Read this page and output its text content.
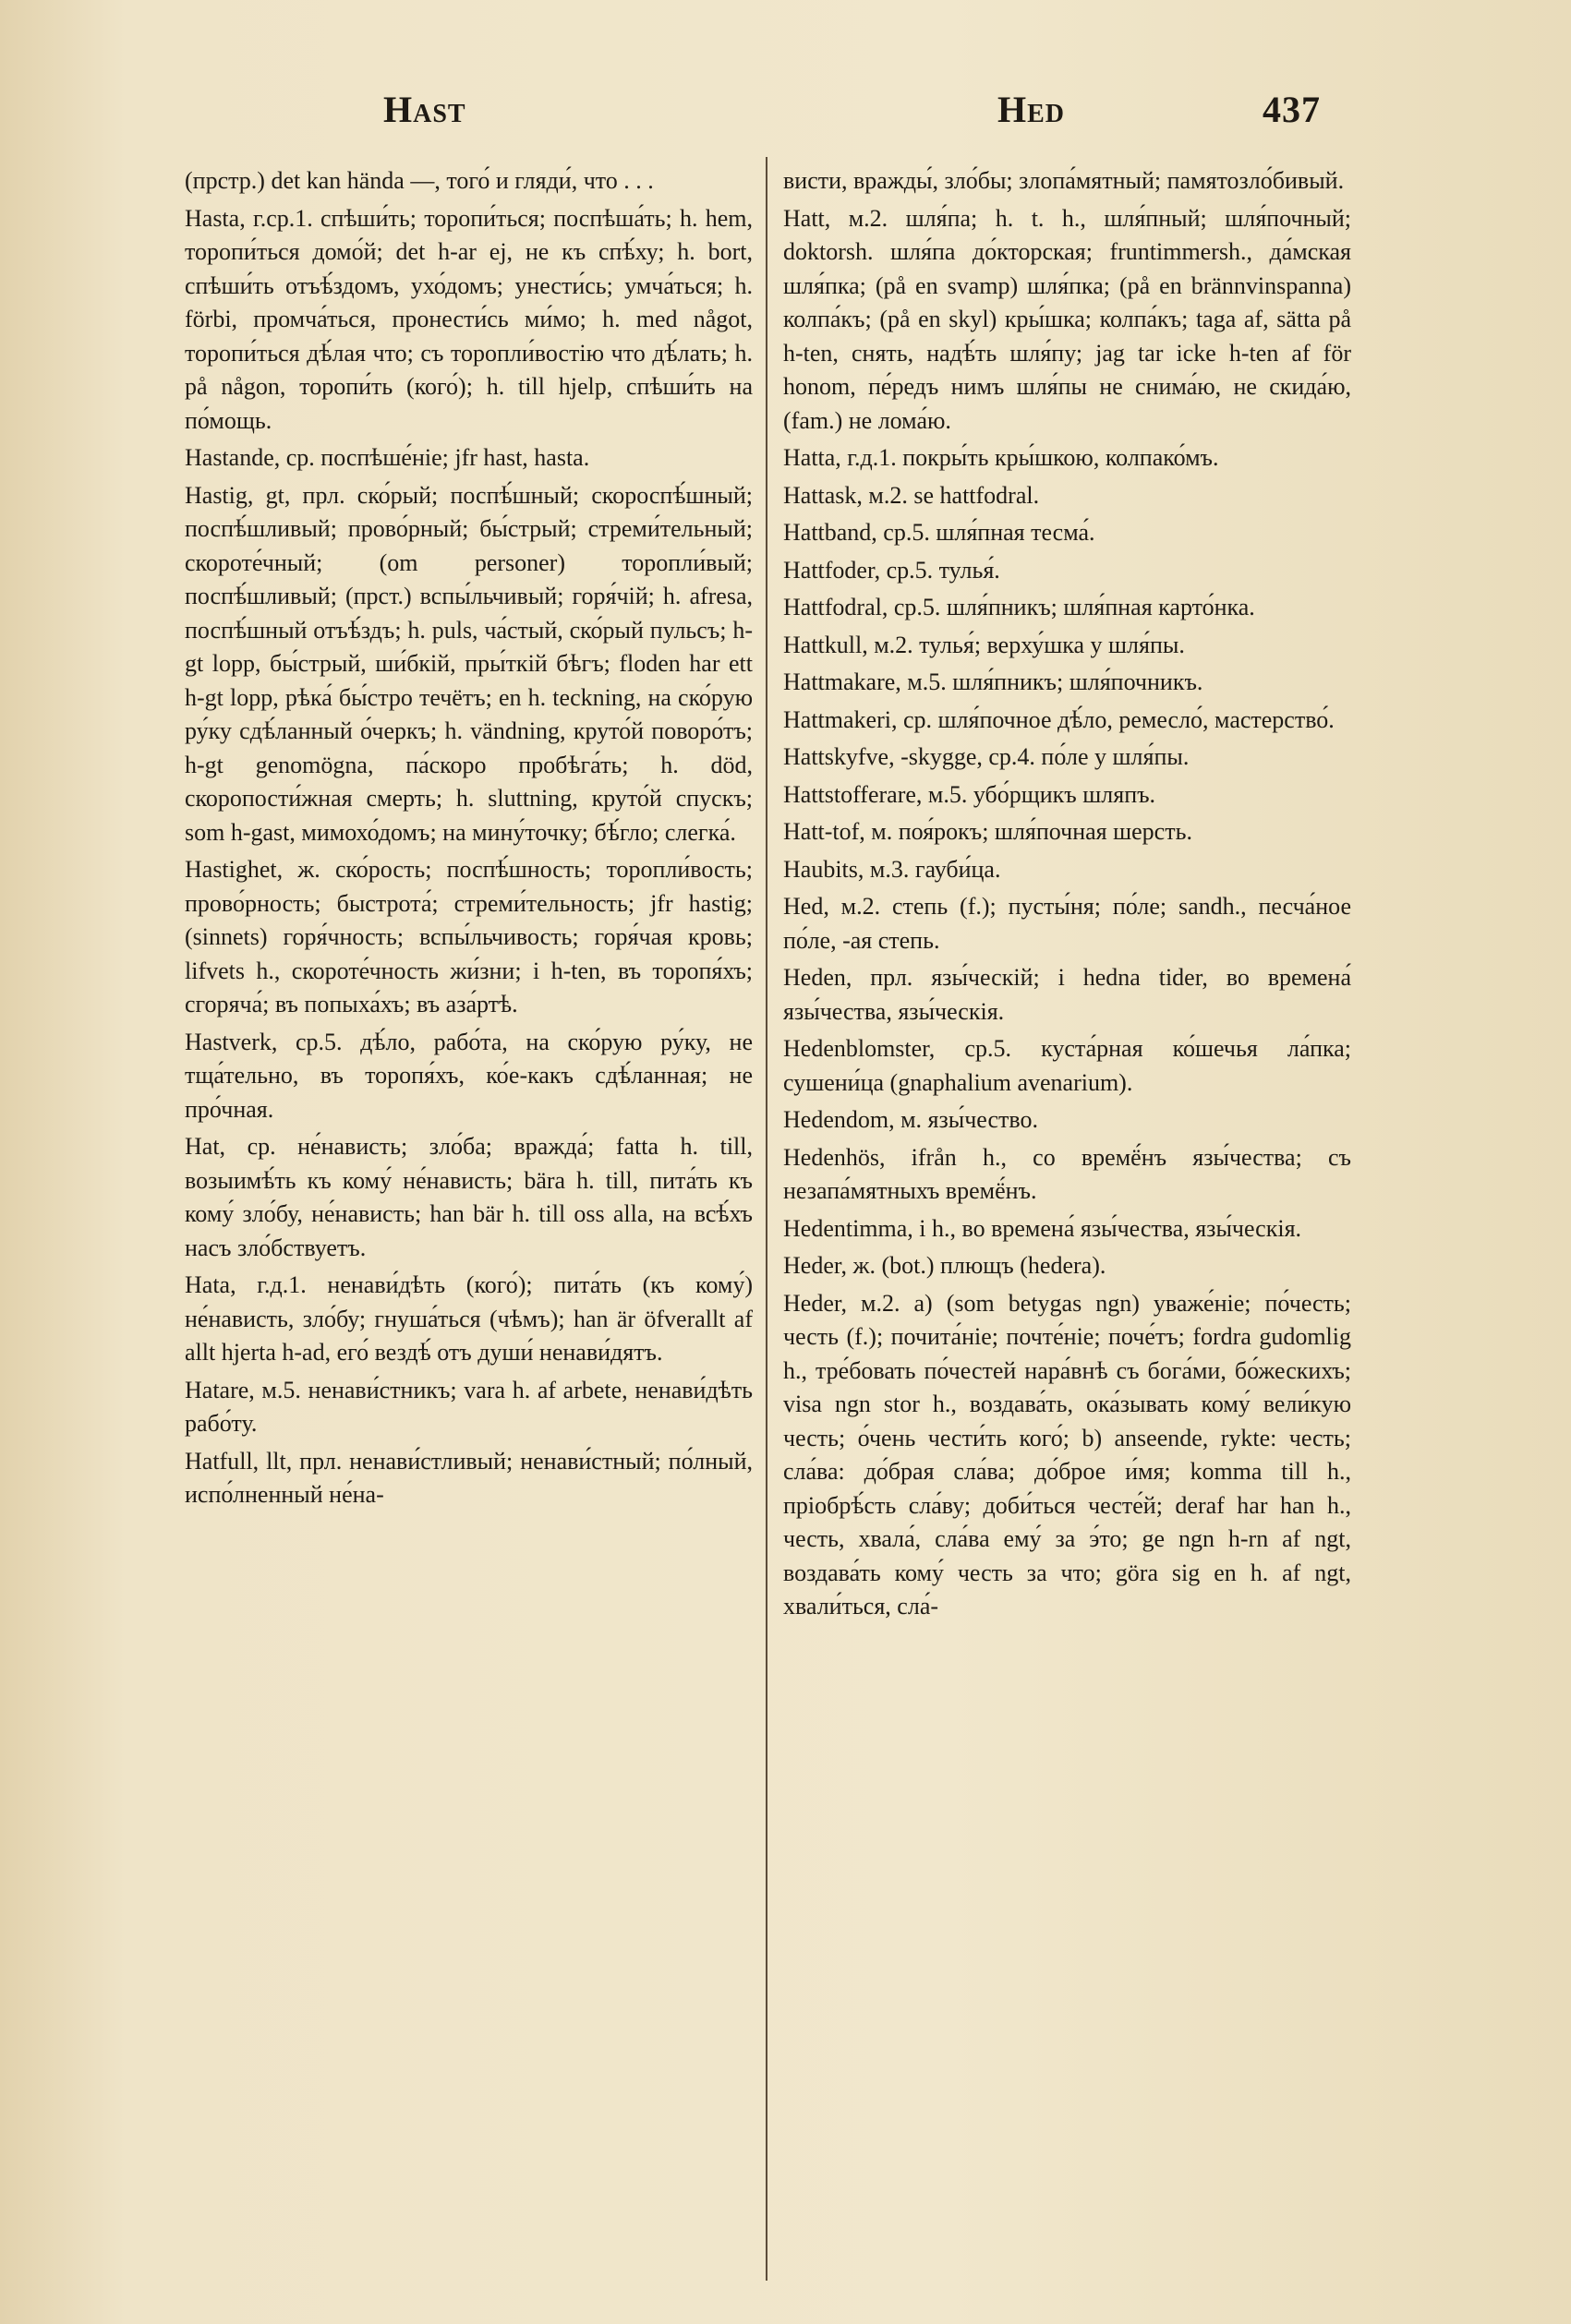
Hast	Hed	437

(прстр.) det kan hända —, того́ и гляди́, что . . .

Hasta, г.ср.1. спѣши́ть; торопи́ться; поспѣша́ть; h. hem, торопи́ться домо́й; det h-ar ej, не къ спѣ́ху; h. bort, спѣши́ть отъѣ́здомъ, ухо́домъ; унести́сь; умча́ться; h. förbi, промча́ться, пронести́сь ми́мо; h. med något, торопи́ться дѣ́лая что; съ торопли́востію что дѣ́лать; h. på någon, торопи́ть (кого́); h. till hjelp, спѣши́ть на по́мощь.

Hastande, ср. поспѣше́ніе; jfr hast, hasta.

Hastig, gt, прл. ско́рый; поспѣ́шный; скороспѣ́шный; поспѣ́шливый; прово́рный; бы́стрый; стреми́тельный; скороте́чный; (om personer) торопли́вый; поспѣ́шливый; (прст.) вспы́льчивый; горя́чій; h. afresa, поспѣ́шный отъѣ́здъ; h. puls, ча́стый, ско́рый пульсъ; h-gt lopp, бы́стрый, ши́бкій, пры́ткій бѣгъ; floden har ett h-gt lopp, рѣка́ бы́стро течётъ; en h. teckning, на ско́рую ру́ку сдѣ́ланный о́черкъ; h. vändning, круто́й поворо́тъ; h-gt genomögna, па́скоро пробѣга́ть; h. död, скоропости́жная смерть; h. sluttning, круто́й спускъ; som h-gast, мимохо́домъ; на мину́точку; бѣ́гло; слегка́.

Hastighet, ж. ско́рость; поспѣ́шность; торопли́вость; прово́рность; быстрота́; стреми́тельность; jfr hastig; (sinnets) горя́чность; вспы́льчивость; горя́чая кровь; lifvets h., скороте́чность жи́зни; i h-ten, въ торопя́хъ; сгоряча́; въ попыха́хъ; въ аза́ртѣ.

Hastverk, ср.5. дѣ́ло, рабо́та, на ско́рую ру́ку, не тща́тельно, въ торопя́хъ, ко́е-какъ сдѣ́ланная; не про́чная.

Hat, ср. не́нависть; зло́ба; вражда́; fatta h. till, возыимѣ́ть къ кому́ не́нависть; bära h. till, пита́ть къ кому́ зло́бу, не́нависть; han bär h. till oss alla, на всѣ́хъ насъ зло́бствуетъ.

Hata, г.д.1. ненави́дѣть (кого́); пита́ть (къ кому́) не́нависть, зло́бу; гнуша́ться (чѣмъ); han är öfverallt af allt hjerta h-ad, его́ вездѣ́ отъ души́ ненави́дятъ.

Hatare, м.5. ненави́стникъ; vara h. af arbete, ненави́дѣть рабо́ту.

Hatfull, llt, прл. ненави́стливый; ненави́стный; по́лный, испо́лненный не́на-

висти, вражды́, зло́бы; злопа́мятный; памятозло́бивый.

Hatt, м.2. шля́па; h. t. h., шля́пный; шля́почный; doktorsh. шля́па до́кторская; fruntimmersh., да́мская шля́пка; (på en svamp) шля́пка; (på en brännvinspanna) колпа́къ; (på en skyl) кры́шка; колпа́къ; taga af, sätta på h-ten, снять, надѣ́ть шля́пу; jag tar icke h-ten af för honom, пе́редъ нимъ шля́пы не снима́ю, не скида́ю, (fam.) не лома́ю.

Hatta, г.д.1. покры́ть кры́шкою, колпако́мъ.

Hattask, м.2. se hattfodral.

Hattband, ср.5. шля́пная тесма́.

Hattfoder, ср.5. тулья́.

Hattfodral, ср.5. шля́пникъ; шля́пная карто́нка.

Hattkull, м.2. тулья́; верху́шка у шля́пы.

Hattmakare, м.5. шля́пникъ; шля́почникъ.

Hattmakeri, ср. шля́почное дѣ́ло, ремесло́, мастерство́.

Hattskyfve, -skygge, ср.4. по́ле у шля́пы.

Hattstofferare, м.5. убо́рщикъ шляпъ.

Hatt-tof, м. поя́рокъ; шля́почная шерсть.

Haubits, м.3. гауби́ца.

Hed, м.2. степь (f.); пусты́ня; по́ле; sandh., песча́ное по́ле, -ая степь.

Heden, прл. язы́ческій; i hedna tider, во времена́ язы́чества, язы́ческія.

Hedenblomster, ср.5. куста́рная ко́шечья ла́пка; сушени́ца (gnaphalium avenarium).

Hedendom, м. язы́чество.

Hedenhös, ifrån h., со времё́нъ язы́чества; съ незапа́мятныхъ времё́нъ.

Hedentimma, i h., во времена́ язы́чества, язы́ческія.

Heder, ж. (bot.) плющъ (hedera).

Heder, м.2. a) (som betygas ngn) уваже́ніе; по́честь; честь (f.); почита́ніе; почте́ніе; поче́тъ; fordra gudomlig h., тре́бовать по́честей нара́внѣ съ бога́ми, бо́жескихъ; visa ngn stor h., воздава́ть, ока́зывать кому́ вели́кую честь; о́чень чести́ть кого́; b) anseende, rykte: честь; сла́ва: до́брая сла́ва; до́брое и́мя; komma till h., пріобрѣ́сть сла́ву; доби́ться честе́й; deraf har han h., честь, хвала́, сла́ва ему́ за э́то; ge ngn h-rn af ngt, воздава́ть кому́ честь за что; göra sig en h. af ngt, хвали́ться, сла́-
